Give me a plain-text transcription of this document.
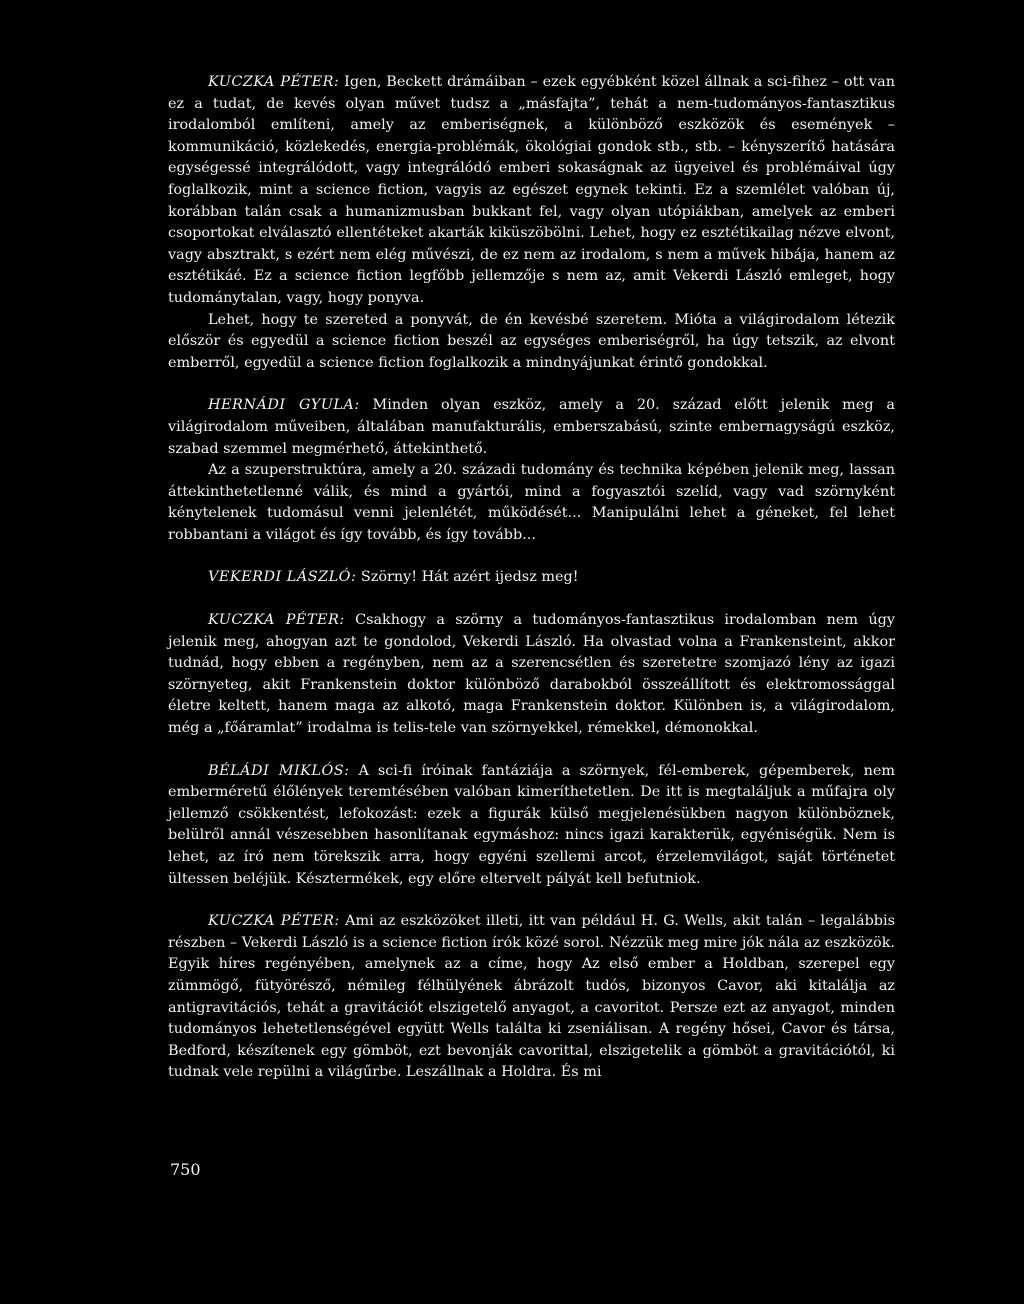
KUCZKA PÉTER: Igen, Beckett drámáiban – ezek egyébként közel állnak a sci-fihez – ott van ez a tudat, de kevés olyan művet tudsz a „másfajta”, tehát a nem-tudományos-fantasztikus irodalomból említeni, amely az emberiségnek, a különböző eszközök és események – kommunikáció, közlekedés, energia-problémák, ökológiai gondok stb., stb. – kényszerítő hatására egységessé integrálódott, vagy integrálódó emberi sokaságnak az ügyeivel és problémáival úgy foglalkozik, mint a science fiction, vagyis az egészet egynek tekinti. Ez a szemlélet valóban új, korábban talán csak a humanizmusban bukkant fel, vagy olyan utópiákban, amelyek az emberi csoportokat elválasztó ellentéteket akarták kiküszöbölni. Lehet, hogy ez esztétikailag nézve elvont, vagy absztrakt, s ezért nem elég művészi, de ez nem az irodalom, s nem a művek hibája, hanem az esztétikáé. Ez a science fiction legfőbb jellemzője s nem az, amit Vekerdi László emleget, hogy tudománytalan, vagy, hogy ponyva.

Lehet, hogy te szereted a ponyvát, de én kevésbé szeretem. Mióta a világirodalom létezik először és egyedül a science fiction beszél az egységes emberiségről, ha úgy tetszik, az elvont emberről, egyedül a science fiction foglalkozik a mindnyájunkat érintő gondokkal.

HERNÁDI GYULA: Minden olyan eszköz, amely a 20. század előtt jelenik meg a világirodalom műveiben, általában manufakturális, emberszabású, szinte embernagyságú eszköz, szabad szemmel megmérhető, áttekinthető.

Az a szuperstruktúra, amely a 20. századi tudomány és technika képében jelenik meg, lassan áttekinthetetlenné válik, és mind a gyártói, mind a fogyasztói szelíd, vagy vad szörnyként kénytelenek tudomásul venni jelenlétét, működését... Manipulálni lehet a géneket, fel lehet robbantani a világot és így tovább, és így tovább...

VEKERDI LÁSZLÓ: Szörny! Hát azért ijedsz meg!

KUCZKA PÉTER: Csakhogy a szörny a tudományos-fantasztikus irodalomban nem úgy jelenik meg, ahogyan azt te gondolod, Vekerdi László. Ha olvastad volna a Frankensteint, akkor tudnád, hogy ebben a regényben, nem az a szerencsétlen és szeretetre szomjazó lény az igazi szörnyeteg, akit Frankenstein doktor különböző darabokból összeállított és elektromossággal életre keltett, hanem maga az alkotó, maga Frankenstein doktor. Különben is, a világirodalom, még a „főáramlat” irodalma is telis-tele van szörnyekkel, rémekkel, démonokkal.

BÉLÁDI MIKLÓS: A sci-fi íróinak fantáziája a szörnyek, fél-emberek, gépemberek, nem emberméretű élőlények teremtésében valóban kimeríthetetlen. De itt is megtaláljuk a műfajra oly jellemző csökkentést, lefokozást: ezek a figurák külső megjelenésükben nagyon különböznek, belülről annál vészesebben hasonlítanak egymáshoz: nincs igazi karakterük, egyéniségük. Nem is lehet, az író nem törekszik arra, hogy egyéni szellemi arcot, érzelemvilágot, saját történetet ültessen beléjük. Késztermékek, egy előre eltervelt pályát kell befutniok.

KUCZKA PÉTER: Ami az eszközöket illeti, itt van például H. G. Wells, akit talán – legalábbis részben – Vekerdi László is a science fiction írók közé sorol. Nézzük meg mire jók nála az eszközök. Egyik híres regényében, amelynek az a címe, hogy Az első ember a Holdban, szerepel egy zümmögő, fütyörésző, némileg félhülyének ábrázolt tudós, bizonyos Cavor, aki kitalálja az antigravitációs, tehát a gravitációt elszigetelő anyagot, a cavoritot. Persze ezt az anyagot, minden tudományos lehetetlenségével együtt Wells találta ki zseniálisan. A regény hősei, Cavor és társa, Bedford, készítenek egy gömböt, ezt bevonják cavorittal, elszigetelik a gömböt a gravitációtól, ki tudnak vele repülni a világűrbe. Leszállnak a Holdra. És mi

750
